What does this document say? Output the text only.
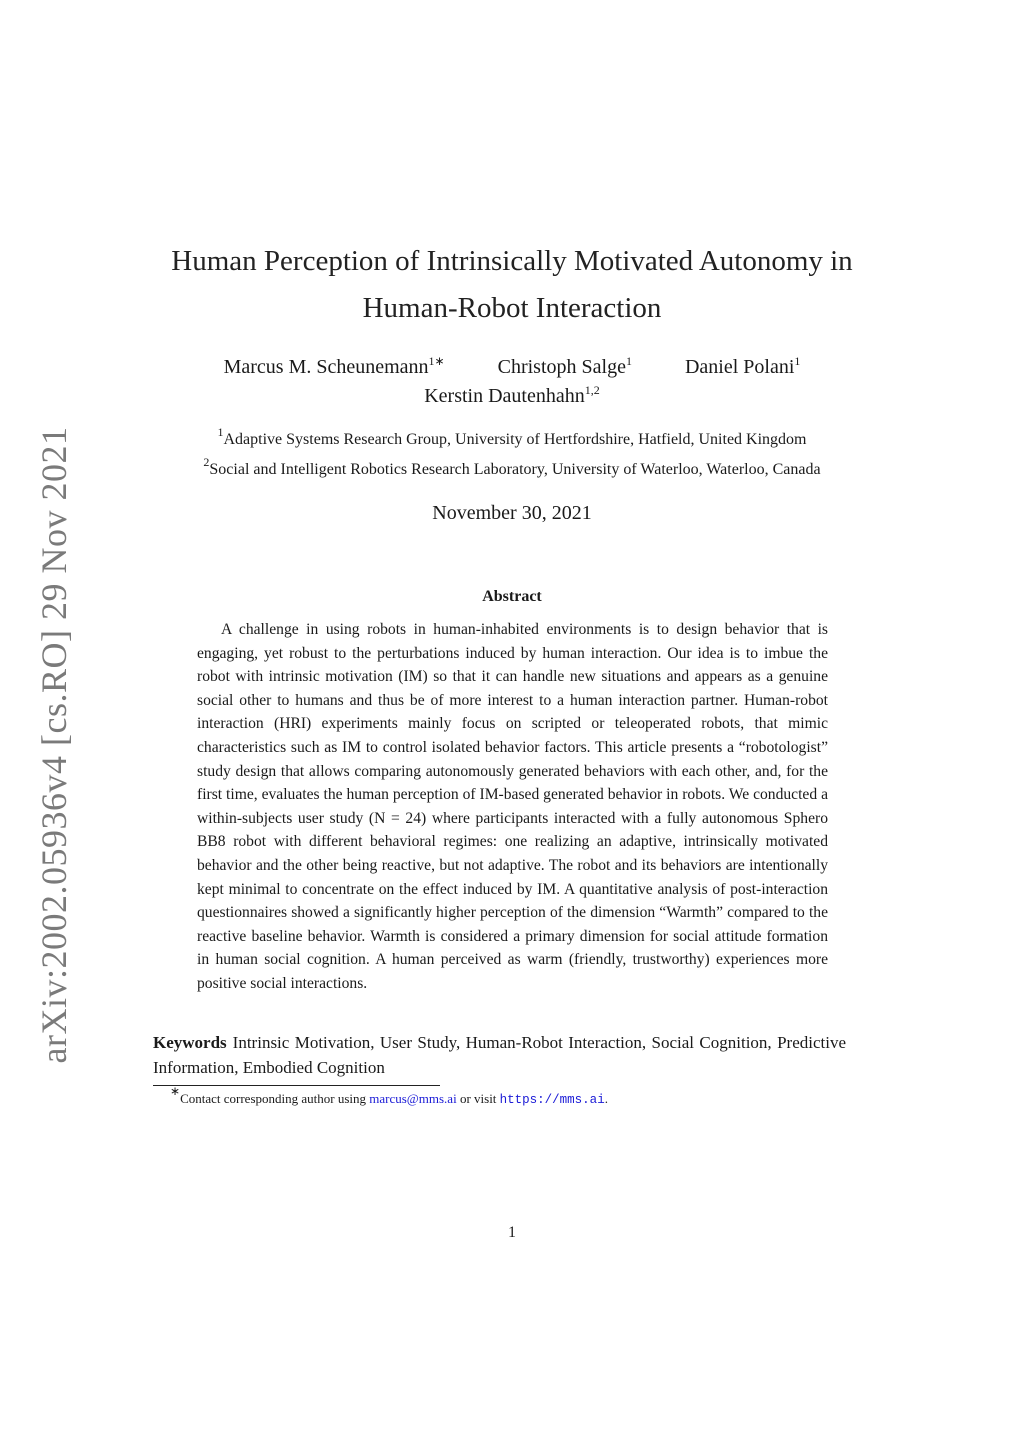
arXiv:2002.05936v4 [cs.RO] 29 Nov 2021
Human Perception of Intrinsically Motivated Autonomy in
Human-Robot Interaction
Marcus M. Scheunemann$^{1∗}$	Christoph Salge$^1$	Daniel Polani$^1$
Kerstin Dautenhahn$^{1,2}$
$^1$Adaptive Systems Research Group, University of Hertfordshire, Hatfield, United Kingdom
$^2$Social and Intelligent Robotics Research Laboratory, University of Waterloo, Waterloo, Canada
November 30, 2021
Abstract

A challenge in using robots in human-inhabited environments is to design behavior that is engaging, yet robust to the perturbations induced by human interaction. Our idea is to imbue the robot with intrinsic motivation (IM) so that it can handle new situations and appears as a genuine social other to humans and thus be of more interest to a human interaction partner. Human-robot interaction (HRI) experiments mainly focus on scripted or teleoperated robots, that mimic characteristics such as IM to control isolated behavior factors. This article presents a “robotologist” study design that allows comparing autonomously generated behaviors with each other, and, for the first time, evaluates the human perception of IM-based generated behavior in robots. We conducted a within-subjects user study (N = 24) where participants interacted with a fully autonomous Sphero BB8 robot with different behavioral regimes: one realizing an adaptive, intrinsically motivated behavior and the other being reactive, but not adaptive. The robot and its behaviors are intentionally kept minimal to concentrate on the effect induced by IM. A quantitative analysis of post-interaction questionnaires showed a significantly higher perception of the dimension “Warmth” compared to the reactive baseline behavior. Warmth is considered a primary dimension for social attitude formation in human social cognition. A human perceived as warm (friendly, trustworthy) experiences more positive social interactions.

Keywords Intrinsic Motivation, User Study, Human-Robot Interaction, Social Cognition, Predictive Information, Embodied Cognition

∗Contact corresponding author using marcus@mms.ai or visit https://mms.ai.
1
